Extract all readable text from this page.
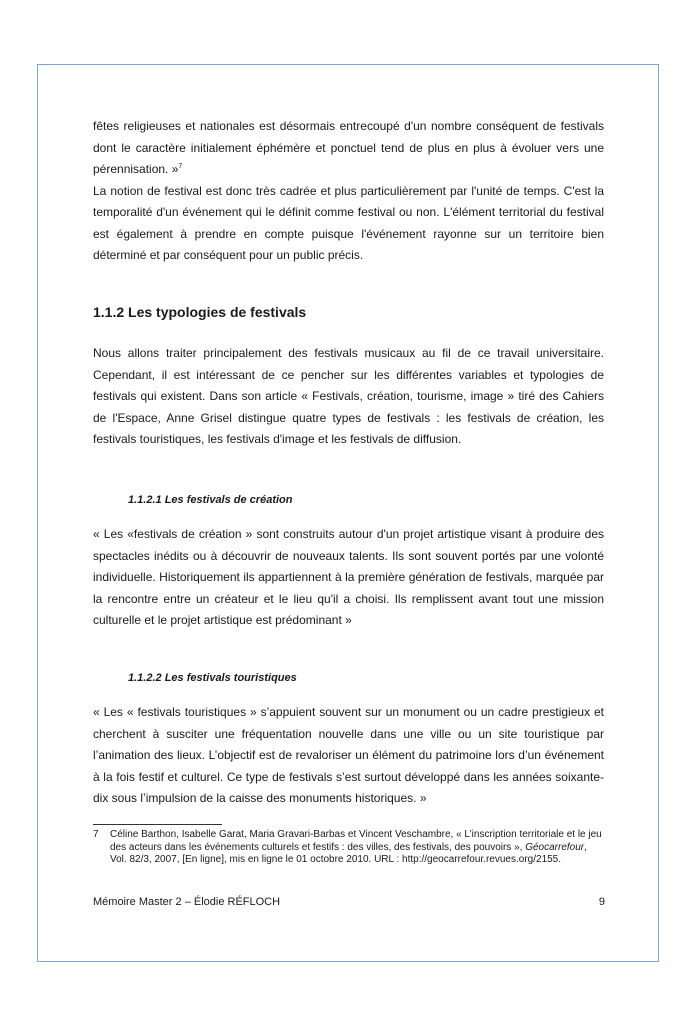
fêtes religieuses et nationales est désormais entrecoupé d'un nombre conséquent de festivals dont le caractère initialement éphémère et ponctuel tend de plus en plus à évoluer vers une pérennisation. »$^7$

La notion de festival est donc très cadrée et plus particulièrement par l'unité de temps. C'est la temporalité d'un événement qui le définit comme festival ou non. L'élément territorial du festival est également à prendre en compte puisque l'événement rayonne sur un territoire bien déterminé et par conséquent pour un public précis.

1.1.2 Les typologies de festivals

Nous allons traiter principalement des festivals musicaux au fil de ce travail universitaire. Cependant, il est intéressant de ce pencher sur les différentes variables et typologies de festivals qui existent. Dans son article « Festivals, création, tourisme, image » tiré des Cahiers de l'Espace, Anne Grisel distingue quatre types de festivals : les festivals de création, les festivals touristiques, les festivals d'image et les festivals de diffusion.

1.1.2.1 Les festivals de création

« Les «festivals de création » sont construits autour d'un projet artistique visant à produire des spectacles inédits ou à découvrir de nouveaux talents. Ils sont souvent portés par une volonté individuelle. Historiquement ils appartiennent à la première génération de festivals, marquée par la rencontre entre un créateur et le lieu qu'il a choisi. Ils remplissent avant tout une mission culturelle et le projet artistique est prédominant »

1.1.2.2 Les festivals touristiques

« Les « festivals touristiques » s’appuient souvent sur un monument ou un cadre prestigieux et cherchent à susciter une fréquentation nouvelle dans une ville ou un site touristique par l’animation des lieux. L’objectif est de revaloriser un élément du patrimoine lors d’un événement à la fois festif et culturel. Ce type de festivals s’est surtout développé dans les années soixante-dix sous l’impulsion de la caisse des monuments historiques. »

7	Céline Barthon, Isabelle Garat, Maria Gravari-Barbas et Vincent Veschambre, « L’inscription territoriale et le jeu des acteurs dans les événements culturels et festifs : des villes, des festivals, des pouvoirs », Géocarrefour, Vol. 82/3, 2007, [En ligne], mis en ligne le 01 octobre 2010. URL : http://geocarrefour.revues.org/2155.
Mémoire Master 2 – Élodie RÉFLOCH	9
